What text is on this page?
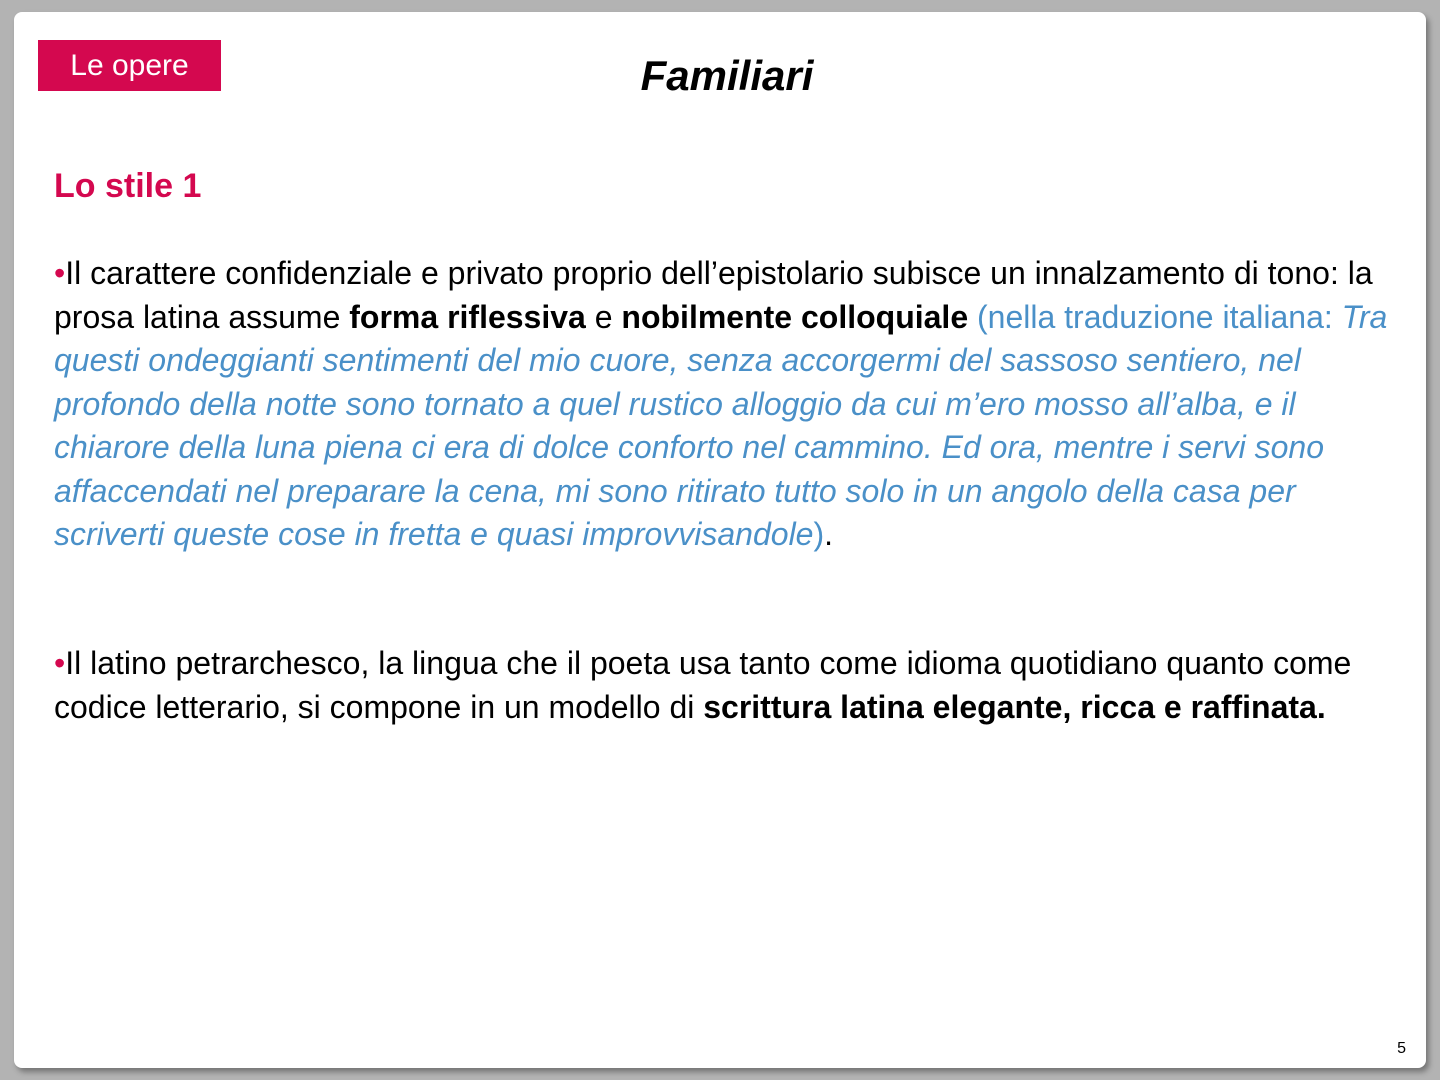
Le opere	Familiari
Lo stile 1
•Il carattere confidenziale e privato proprio dell’epistolario subisce un innalzamento di tono: la prosa latina assume forma riflessiva e nobilmente colloquiale (nella traduzione italiana: Tra questi ondeggianti sentimenti del mio cuore, senza accorgermi del sassoso sentiero, nel profondo della notte sono tornato a quel rustico alloggio da cui m’ero mosso all’alba, e il chiarore della luna piena ci era di dolce conforto nel cammino. Ed ora, mentre i servi sono affaccendati nel preparare la cena, mi sono ritirato tutto solo in un angolo della casa per scriverti queste cose in fretta e quasi improvvisandole).
•Il latino petrarchesco, la lingua che il poeta usa tanto come idioma quotidiano quanto come codice letterario, si compone in un modello di scrittura latina elegante, ricca e raffinata.
5
